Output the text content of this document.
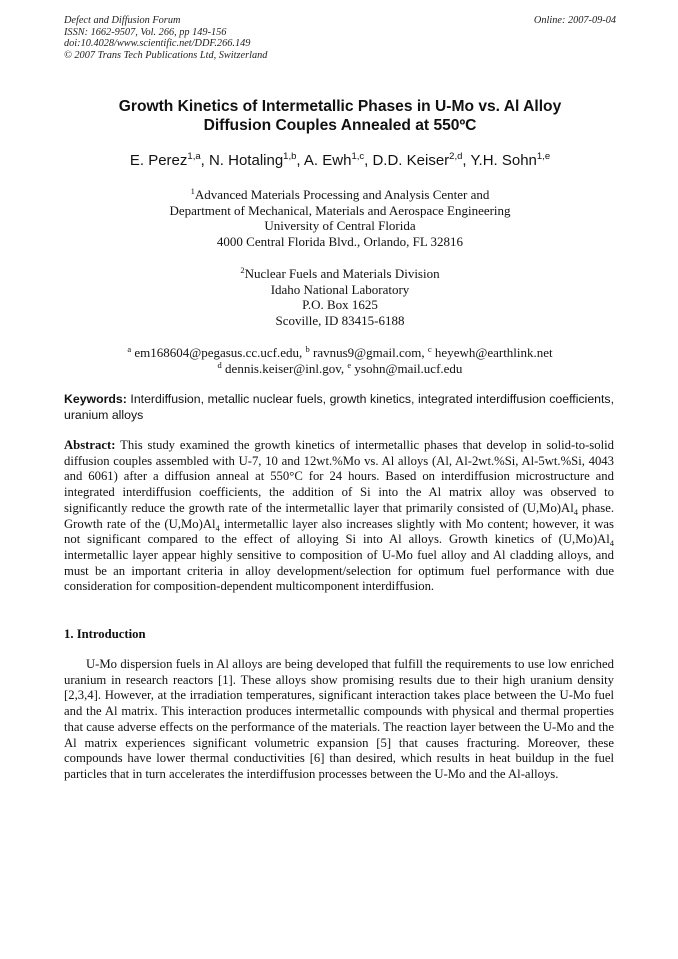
Defect and Diffusion Forum
ISSN: 1662-9507, Vol. 266, pp 149-156
doi:10.4028/www.scientific.net/DDF.266.149
© 2007 Trans Tech Publications Ltd, Switzerland
Online: 2007-09-04
Growth Kinetics of Intermetallic Phases in U-Mo vs. Al Alloy
Diffusion Couples Annealed at 550ºC
E. Perez$^{1,a}$, N. Hotaling$^{1,b}$, A. Ewh$^{1,c}$, D.D. Keiser$^{2,d}$, Y.H. Sohn$^{1,e}$
$^1$Advanced Materials Processing and Analysis Center and
Department of Mechanical, Materials and Aerospace Engineering
University of Central Florida
4000 Central Florida Blvd., Orlando, FL 32816
$^2$Nuclear Fuels and Materials Division
Idaho National Laboratory
P.O. Box 1625
Scoville, ID 83415-6188
$^a$ em168604@pegasus.cc.ucf.edu, $^b$ ravnus9@gmail.com, $^c$ heyewh@earthlink.net
$^d$ dennis.keiser@inl.gov, $^e$ ysohn@mail.ucf.edu
Keywords: Interdiffusion, metallic nuclear fuels, growth kinetics, integrated interdiffusion coefficients, uranium alloys
Abstract: This study examined the growth kinetics of intermetallic phases that develop in solid-to-solid diffusion couples assembled with U-7, 10 and 12wt.%Mo vs. Al alloys (Al, Al-2wt.%Si, Al-5wt.%Si, 4043 and 6061) after a diffusion anneal at 550°C for 24 hours. Based on interdiffusion microstructure and integrated interdiffusion coefficients, the addition of Si into the Al matrix alloy was observed to significantly reduce the growth rate of the intermetallic layer that primarily consisted of $(U,Mo)Al_4$ phase. Growth rate of the $(U,Mo)Al_4$ intermetallic layer also increases slightly with Mo content; however, it was not significant compared to the effect of alloying Si into Al alloys. Growth kinetics of $(U,Mo)Al_4$ intermetallic layer appear highly sensitive to composition of U-Mo fuel alloy and Al cladding alloys, and must be an important criteria in alloy development/selection for optimum fuel performance with due consideration for composition-dependent multicomponent interdiffusion.
1. Introduction
U-Mo dispersion fuels in Al alloys are being developed that fulfill the requirements to use low enriched uranium in research reactors [1]. These alloys show promising results due to their high uranium density [2,3,4]. However, at the irradiation temperatures, significant interaction takes place between the U-Mo fuel and the Al matrix. This interaction produces intermetallic compounds with physical and thermal properties that cause adverse effects on the performance of the materials. The reaction layer between the U-Mo and the Al matrix experiences significant volumetric expansion [5] that causes fracturing. Moreover, these compounds have lower thermal conductivities [6] than desired, which results in heat buildup in the fuel particles that in turn accelerates the interdiffusion processes between the U-Mo and the Al-alloys.
